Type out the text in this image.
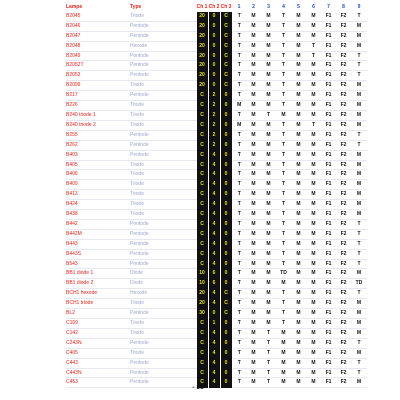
Lampe	Type	Ch 1	Ch 2	Ch 3	1	2	3	4	5	6	7	8	9
B2045	Triode	20	0	C	T	M	M	T	M	M	F1	F2	T
B2046	Pentode	20	0	C	T	M	M	T	M	M	F1	F2	M
B2047	Pentode	20	0	C	T	M	M	T	M	M	F1	F2	M
B2048	Hexode	20	0	C	T	M	M	T	M	T	F1	F2	M
B2049	Pentode	20	0	C	T	M	M	T	M	T	F1	F2	T
B2052T	Pentode	20	0	C	T	M	M	T	M	M	F1	F2	T
B2053	Pentode	20	0	C	T	M	M	T	M	M	F1	F2	T
B2099	Triode	20	0	C	T	M	M	T	M	M	F1	F2	M
B217	Pentode	C	2	0	T	M	M	T	M	M	F1	F2	M
B226	Triode	C	2	0	M	M	M	T	M	M	F1	F2	M
B240 triode 1	Triode	C	2	0	T	M	T	M	M	M	F1	F2	M
B240 triode 2	Triode	C	2	0	M	M	M	T	M	T	F1	F2	M
B255	Pentode	C	2	0	T	M	M	T	M	M	F1	F2	T
B262	Pentode	C	2	0	T	M	M	T	M	M	F1	F2	T
B403	Pentode	C	4	0	T	M	M	T	M	M	F1	F2	M
B405	Triode	C	4	0	T	M	M	T	M	M	F1	F2	M
B406	Triode	C	4	0	T	M	M	T	M	M	F1	F2	M
B409	Triode	C	4	0	T	M	M	T	M	M	F1	F2	M
B413	Triode	C	4	0	T	M	M	T	M	M	F1	F2	M
B424	Triode	C	4	0	T	M	M	T	M	M	F1	F2	M
B438	Triode	C	4	0	T	M	M	T	M	M	F1	F2	M
B442	Pentode	C	4	0	T	M	M	T	M	M	F1	F2	T
B442M	Pentode	C	4	0	T	M	M	T	M	M	F1	F2	T
B443	Pentode	C	4	0	T	M	M	T	M	M	F1	F2	T
B443S	Pentode	C	4	0	T	M	M	T	M	M	F1	F2	T
B543	Pentode	C	4	0	T	M	M	T	M	M	F1	F2	T
BB1 diode 1	Diode	10	6	0	T	M	M	TD	M	M	F1	F2	M
BB1 diode 2	Diode	10	6	0	T	M	M	M	M	M	F1	F2	TD
BCH1 hexode	Hexode	20	4	C	T	M	M	T	M	M	F1	F2	T
BCH1 triode	Triode	20	4	C	T	M	M	T	M	M	F1	F2	M
BL2	Pentode	30	0	C	T	M	M	T	M	M	F1	F2	M
C169	Triode	C	1	0	T	M	M	T	M	M	F1	F2	M
C142	Triode	C	4	0	T	M	T	M	M	M	F1	F2	M
C243N	Pentode	C	4	0	T	M	T	M	M	M	F1	F2	T
C405	Triode	C	4	0	T	M	T	M	M	M	F1	F2	M
C443	Pentode	C	4	0	T	M	T	M	M	M	F1	F2	T
C443N	Pentode	C	4	0	T	M	T	M	M	M	F1	F2	T
C453	Pentode	C	4	0	T	M	T	M	M	M	F1	F2	M
- 31 -
